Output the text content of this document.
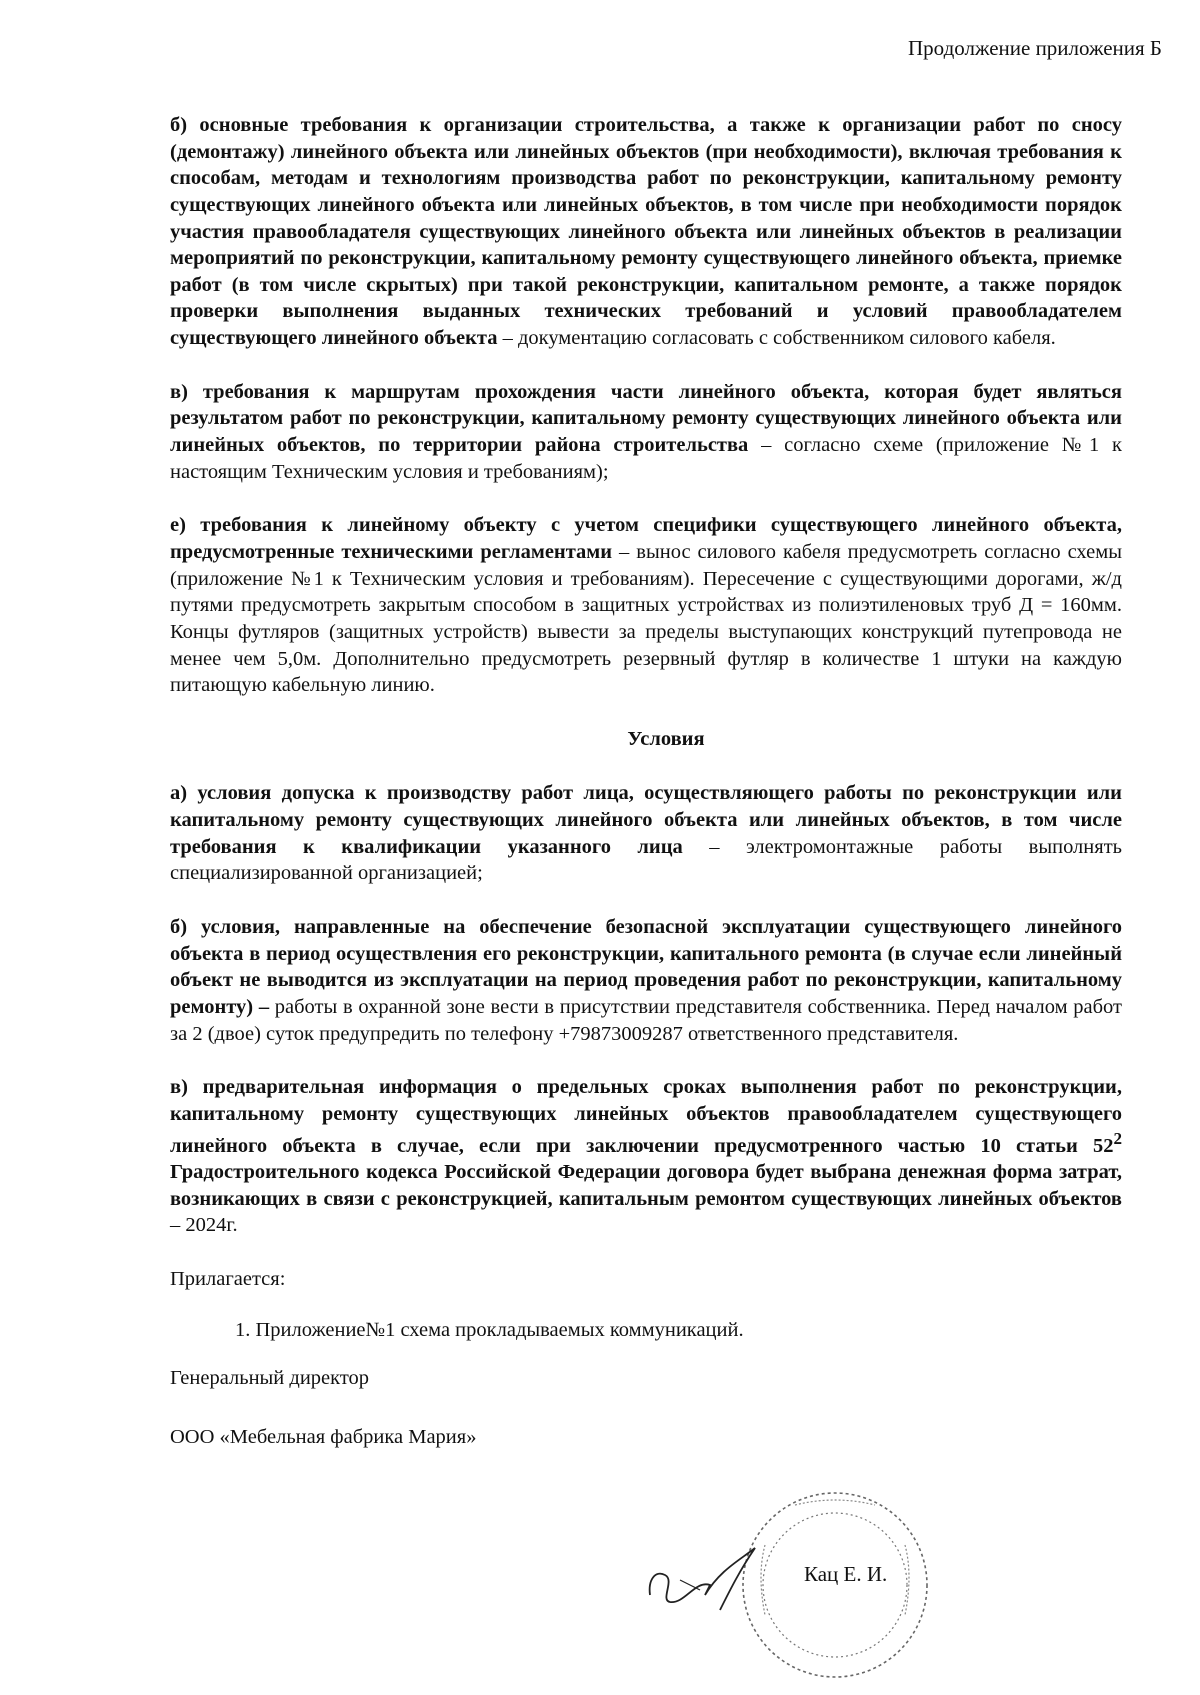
Продолжение приложения Б

б) основные требования к организации строительства, а также к организации работ по сносу (демонтажу) линейного объекта или линейных объектов (при необходимости), включая требования к способам, методам и технологиям производства работ по реконструкции, капитальному ремонту существующих линейного объекта или линейных объектов, в том числе при необходимости порядок участия правообладателя существующих линейного объекта или линейных объектов в реализации мероприятий по реконструкции, капитальному ремонту существующего линейного объекта, приемке работ (в том числе скрытых) при такой реконструкции, капитальном ремонте, а также порядок проверки выполнения выданных технических требований и условий правообладателем существующего линейного объекта – документацию согласовать с собственником силового кабеля.

в) требования к маршрутам прохождения части линейного объекта, которая будет являться результатом работ по реконструкции, капитальному ремонту существующих линейного объекта или линейных объектов, по территории района строительства – согласно схеме (приложение №1 к настоящим Техническим условия и требованиям);

е) требования к линейному объекту с учетом специфики существующего линейного объекта, предусмотренные техническими регламентами – вынос силового кабеля предусмотреть согласно схемы (приложение №1 к Техническим условия и требованиям). Пересечение с существующими дорогами, ж/д путями предусмотреть закрытым способом в защитных устройствах из полиэтиленовых труб Д = 160мм. Концы футляров (защитных устройств) вывести за пределы выступающих конструкций путепровода не менее чем 5,0м. Дополнительно предусмотреть резервный футляр в количестве 1 штуки на каждую питающую кабельную линию.

Условия

а) условия допуска к производству работ лица, осуществляющего работы по реконструкции или капитальному ремонту существующих линейного объекта или линейных объектов, в том числе требования к квалификации указанного лица – электромонтажные работы выполнять специализированной организацией;

б) условия, направленные на обеспечение безопасной эксплуатации существующего линейного объекта в период осуществления его реконструкции, капитального ремонта (в случае если линейный объект не выводится из эксплуатации на период проведения работ по реконструкции, капитальному ремонту) – работы в охранной зоне вести в присутствии представителя собственника. Перед началом работ за 2 (двое) суток предупредить по телефону +79873009287 ответственного представителя.

в) предварительная информация о предельных сроках выполнения работ по реконструкции, капитальному ремонту существующих линейных объектов правообладателем существующего линейного объекта в случае, если при заключении предусмотренного частью 10 статьи $52^2$ Градостроительного кодекса Российской Федерации договора будет выбрана денежная форма затрат, возникающих в связи с реконструкцией, капитальным ремонтом существующих линейных объектов – 2024г.

Прилагается:
1. Приложение№1 схема прокладываемых коммуникаций.
Генеральный директор
ООО «Мебельная фабрика Мария»
Кац Е. И.
